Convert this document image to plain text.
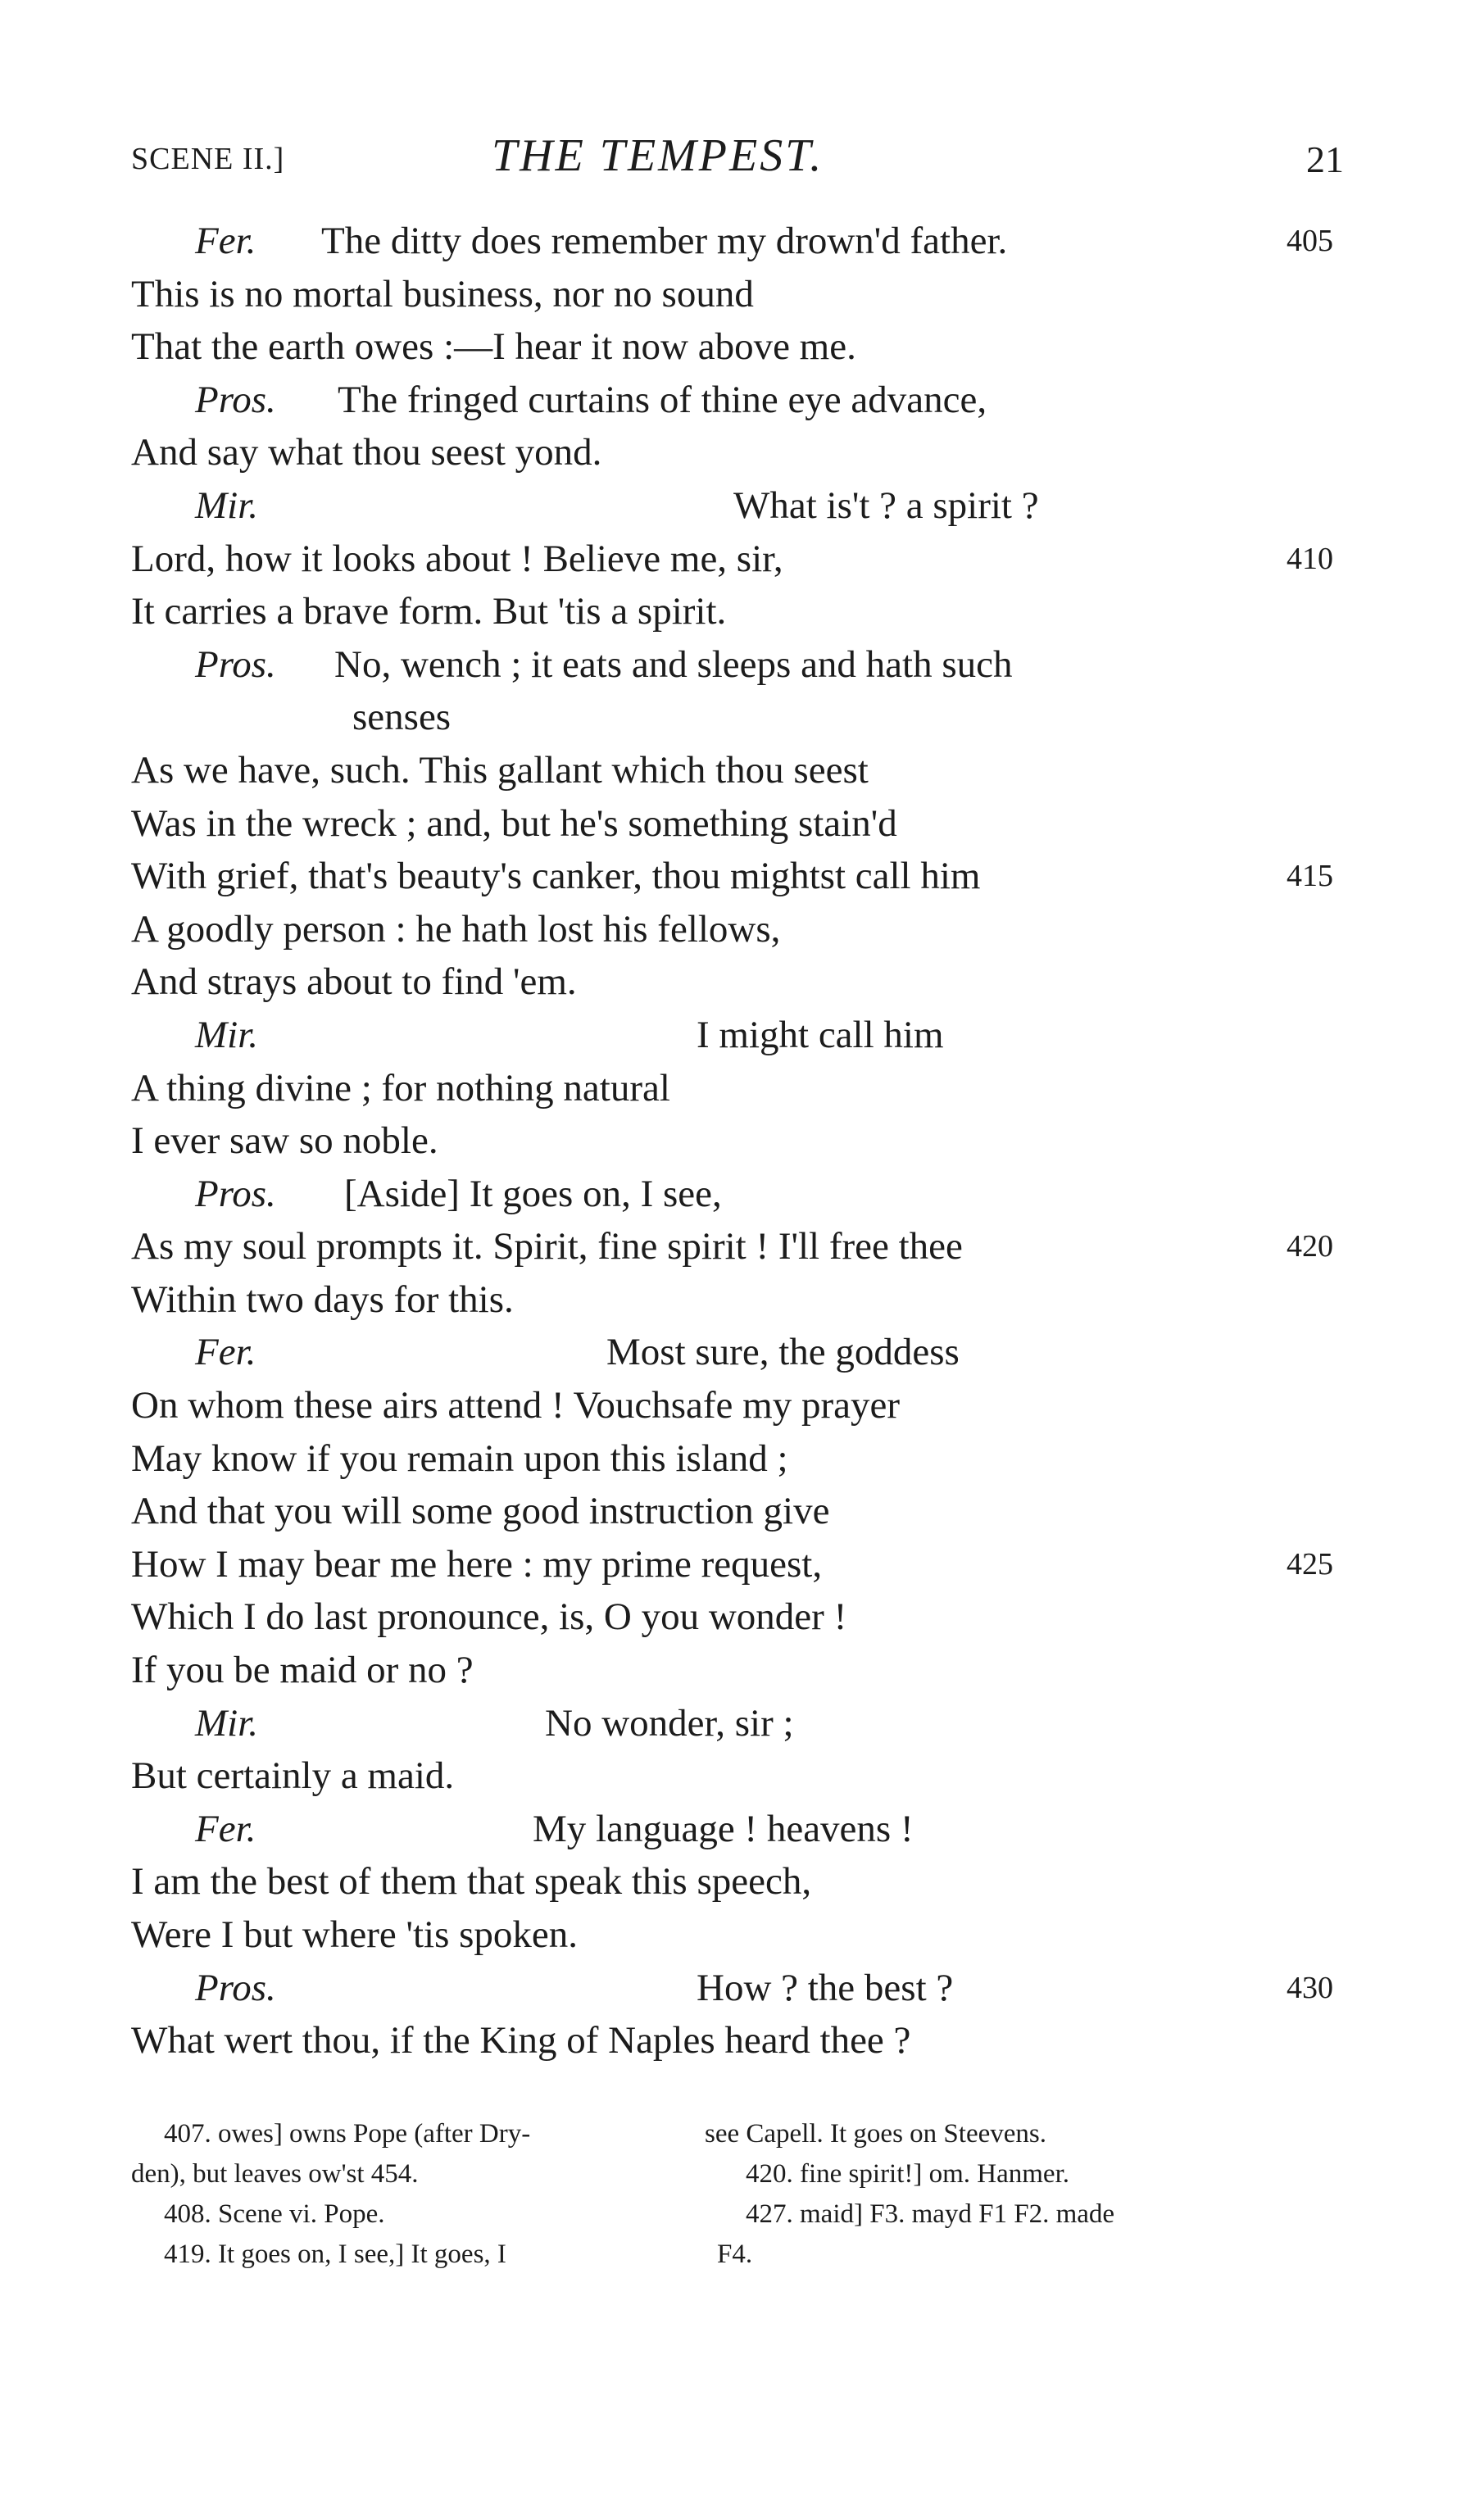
SCENE II.]	THE TEMPEST.	21
Fer. The ditty does remember my drown'd father.	405
This is no mortal business, nor no sound
That the earth owes :—I hear it now above me.
Pros. The fringed curtains of thine eye advance,
And say what thou seest yond.
Mir.	What is't ? a spirit ?
Lord, how it looks about ! Believe me, sir,	410
It carries a brave form. But 'tis a spirit.
Pros. No, wench ; it eats and sleeps and hath such
senses
As we have, such. This gallant which thou seest
Was in the wreck ; and, but he's something stain'd
With grief, that's beauty's canker, thou mightst call him	415
A goodly person : he hath lost his fellows,
And strays about to find 'em.
Mir.	I might call him
A thing divine ; for nothing natural
I ever saw so noble.
Pros. [Aside] It goes on, I see,
As my soul prompts it. Spirit, fine spirit ! I'll free thee	420
Within two days for this.
Fer.	Most sure, the goddess
On whom these airs attend ! Vouchsafe my prayer
May know if you remain upon this island ;
And that you will some good instruction give
How I may bear me here : my prime request,	425
Which I do last pronounce, is, O you wonder !
If you be maid or no ?
Mir.	No wonder, sir ;
But certainly a maid.
Fer.	My language ! heavens !
I am the best of them that speak this speech,
Were I but where 'tis spoken.
Pros.	How ? the best ?	430
What wert thou, if the King of Naples heard thee ?
407. owes] owns Pope (after Dry-
den), but leaves ow'st 454.
408. Scene vi. Pope.
419. It goes on, I see,] It goes, I
see Capell. It goes on Steevens.
420. fine spirit!] om. Hanmer.
427. maid] F3. mayd F1 F2. made
F4.
